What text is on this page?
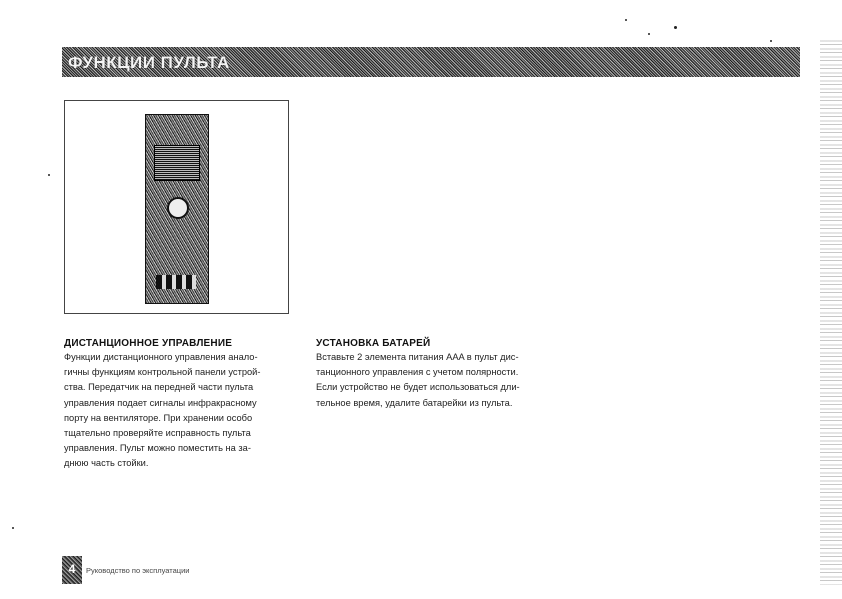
ФУНКЦИИ ПУЛЬТА
ДИСТАНЦИОННОЕ УПРАВЛЕНИЕ
Функции дистанционного управления анало-
гичны функциям контрольной панели устрой-
ства. Передатчик на передней части пульта
управления подает сигналы инфракрасному
порту на вентиляторе. При хранении особо
тщательно проверяйте исправность пульта
управления. Пульт можно поместить на за-
днюю часть стойки.
УСТАНОВКА БАТАРЕЙ
Вставьте 2 элемента питания AAA в пульт дис-
танционного управления с учетом полярности.
Если устройство не будет использоваться дли-
тельное время, удалите батарейки из пульта.
4	Руководство по эксплуатации
